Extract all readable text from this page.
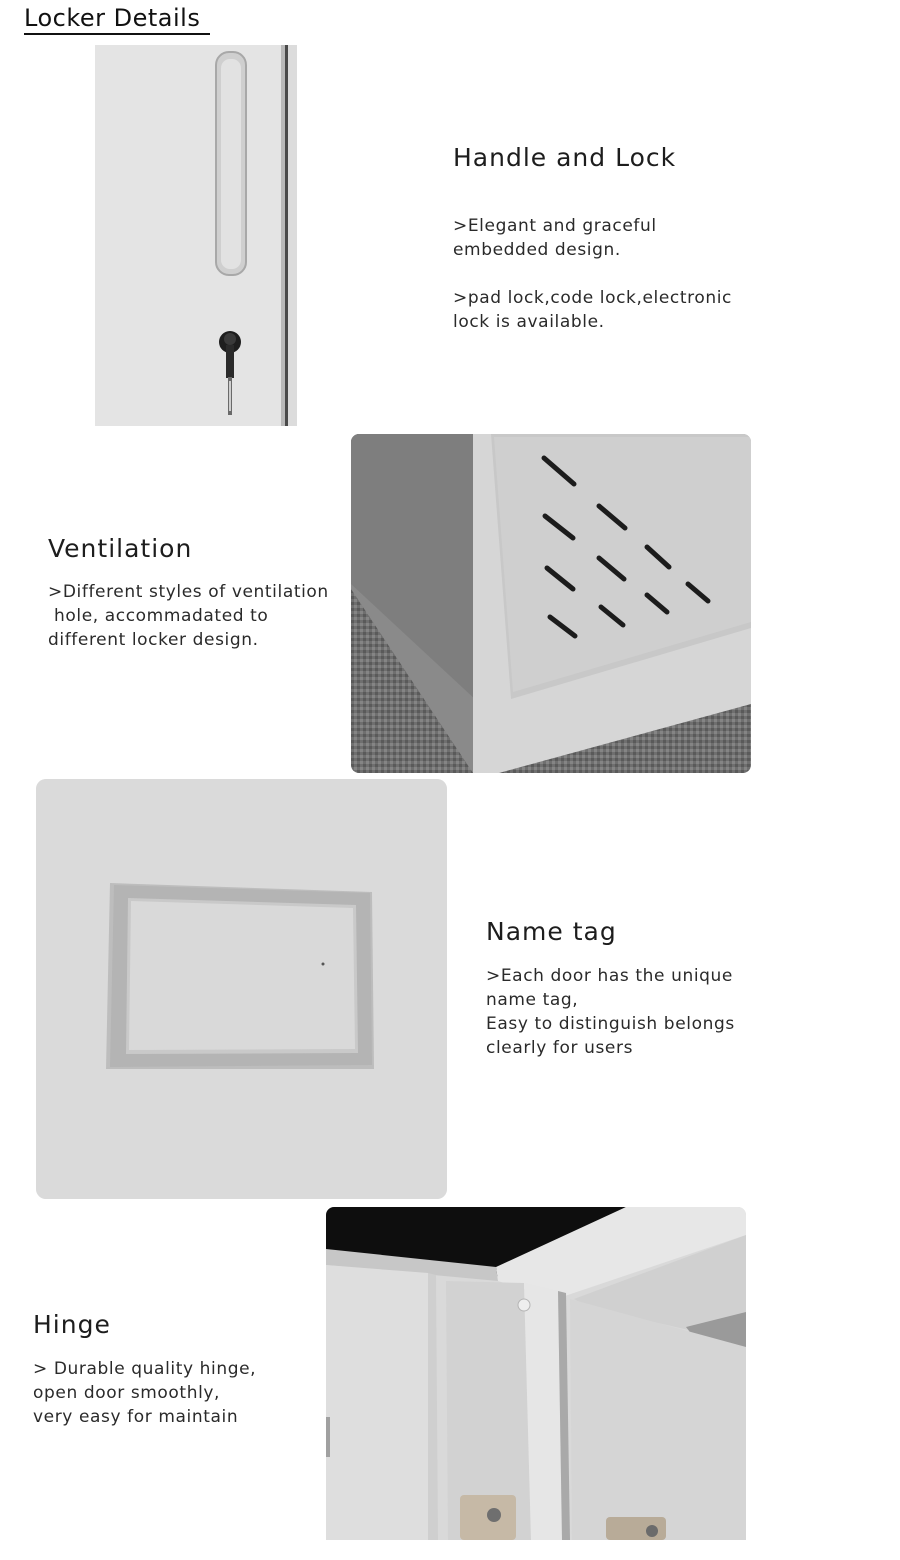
Locker Details
Handle and Lock

>Elegant and graceful

embedded design.

>pad lock,code lock,electronic

lock is available.

Ventilation

>Different styles of ventilation

hole, accommadated to

different locker design.

Name tag

>Each door has the unique

name tag,

Easy to distinguish belongs

clearly for users

Hinge

> Durable quality hinge,

open door smoothly,

very easy for maintain
